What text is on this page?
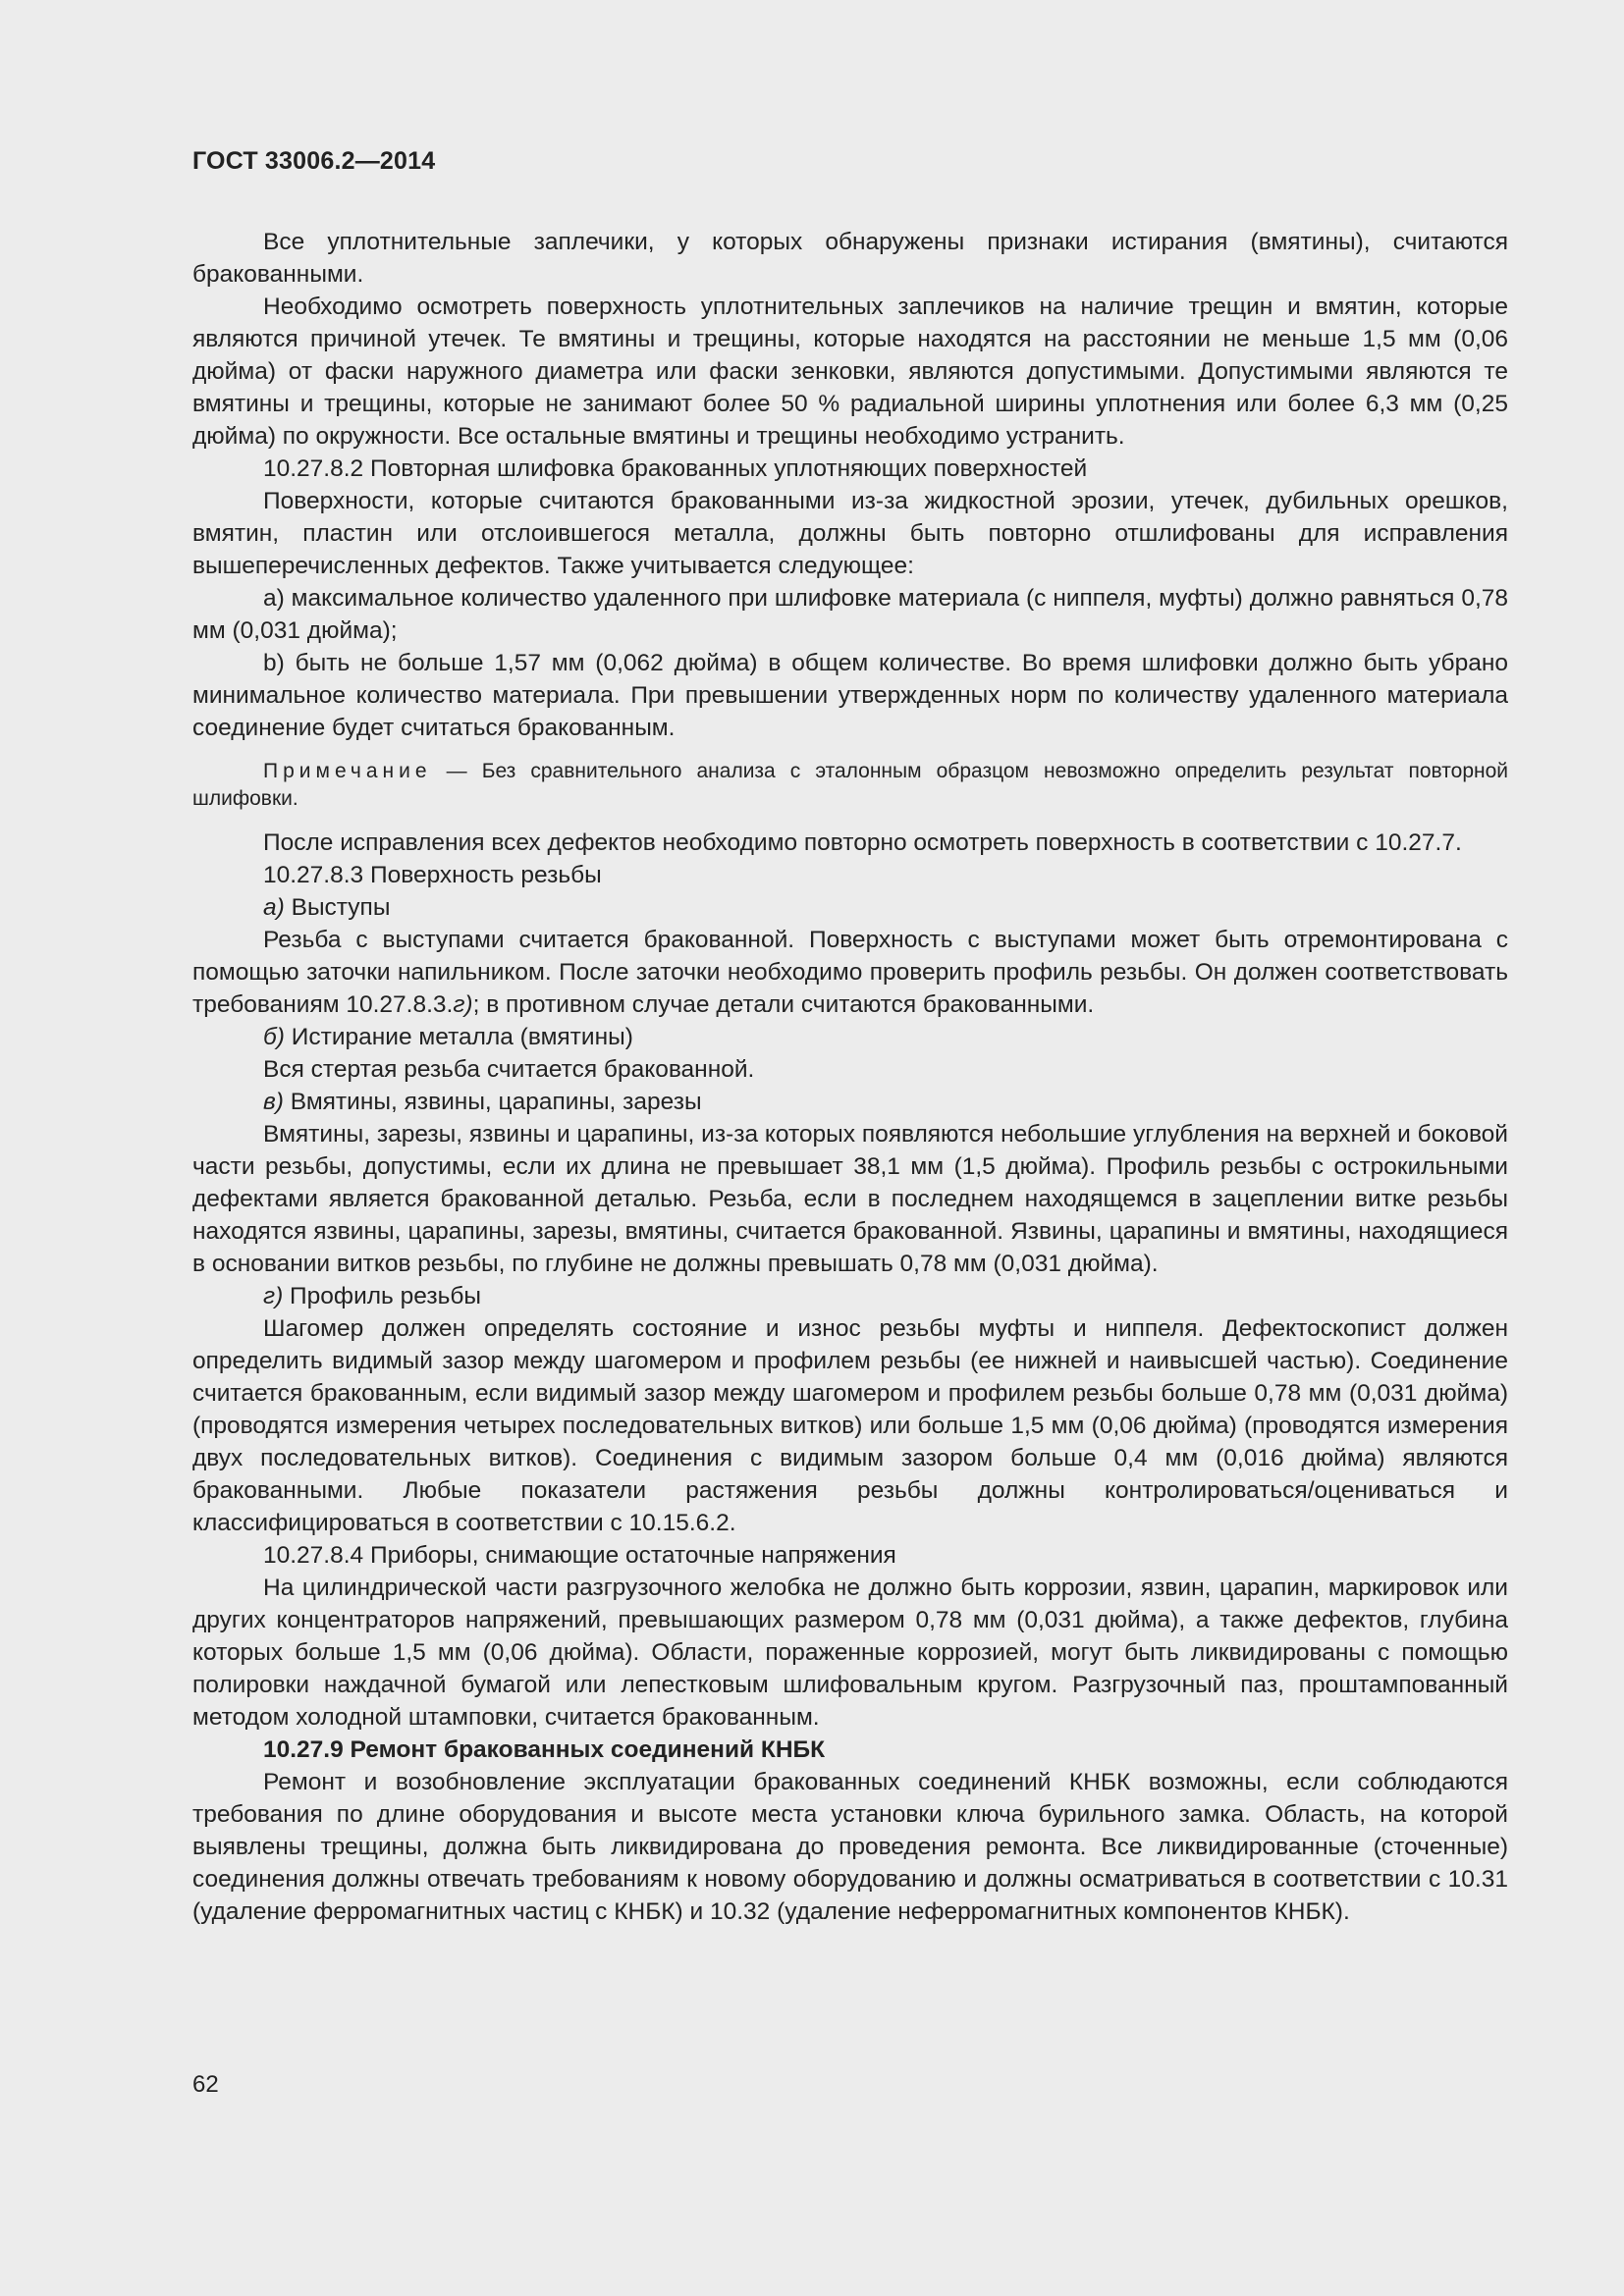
ГОСТ 33006.2—2014

Все уплотнительные заплечики, у которых обнаружены признаки истирания (вмятины), считаются бракованными.

Необходимо осмотреть поверхность уплотнительных заплечиков на наличие трещин и вмятин, которые являются причиной утечек. Те вмятины и трещины, которые находятся на расстоянии не меньше 1,5 мм (0,06 дюйма) от фаски наружного диаметра или фаски зенковки, являются допустимыми. Допустимыми являются те вмятины и трещины, которые не занимают более 50 % радиальной ширины уплотнения или более 6,3 мм (0,25 дюйма) по окружности. Все остальные вмятины и трещины необходимо устранить.

10.27.8.2 Повторная шлифовка бракованных уплотняющих поверхностей

Поверхности, которые считаются бракованными из-за жидкостной эрозии, утечек, дубильных орешков, вмятин, пластин или отслоившегося металла, должны быть повторно отшлифованы для исправления вышеперечисленных дефектов. Также учитывается следующее:

a) максимальное количество удаленного при шлифовке материала (с ниппеля, муфты) должно равняться 0,78 мм (0,031 дюйма);

b) быть не больше 1,57 мм (0,062 дюйма) в общем количестве. Во время шлифовки должно быть убрано минимальное количество материала. При превышении утвержденных норм по количеству удаленного материала соединение будет считаться бракованным.

Примечание — Без сравнительного анализа с эталонным образцом невозможно определить результат повторной шлифовки.

После исправления всех дефектов необходимо повторно осмотреть поверхность в соответствии с 10.27.7.

10.27.8.3 Поверхность резьбы

а) Выступы

Резьба с выступами считается бракованной. Поверхность с выступами может быть отремонтирована с помощью заточки напильником. После заточки необходимо проверить профиль резьбы. Он должен соответствовать требованиям 10.27.8.3.г); в противном случае детали считаются бракованными.

б) Истирание металла (вмятины)

Вся стертая резьба считается бракованной.

в) Вмятины, язвины, царапины, зарезы

Вмятины, зарезы, язвины и царапины, из-за которых появляются небольшие углубления на верхней и боковой части резьбы, допустимы, если их длина не превышает 38,1 мм (1,5 дюйма). Профиль резьбы с острокильными дефектами является бракованной деталью. Резьба, если в последнем находящемся в зацеплении витке резьбы находятся язвины, царапины, зарезы, вмятины, считается бракованной. Язвины, царапины и вмятины, находящиеся в основании витков резьбы, по глубине не должны превышать 0,78 мм (0,031 дюйма).

г) Профиль резьбы

Шагомер должен определять состояние и износ резьбы муфты и ниппеля. Дефектоскопист должен определить видимый зазор между шагомером и профилем резьбы (ее нижней и наивысшей частью). Соединение считается бракованным, если видимый зазор между шагомером и профилем резьбы больше 0,78 мм (0,031 дюйма) (проводятся измерения четырех последовательных витков) или больше 1,5 мм (0,06 дюйма) (проводятся измерения двух последовательных витков). Соединения с видимым зазором больше 0,4 мм (0,016 дюйма) являются бракованными. Любые показатели растяжения резьбы должны контролироваться/оцениваться и классифицироваться в соответствии с 10.15.6.2.

10.27.8.4 Приборы, снимающие остаточные напряжения

На цилиндрической части разгрузочного желобка не должно быть коррозии, язвин, царапин, маркировок или других концентраторов напряжений, превышающих размером 0,78 мм (0,031 дюйма), а также дефектов, глубина которых больше 1,5 мм (0,06 дюйма). Области, пораженные коррозией, могут быть ликвидированы с помощью полировки наждачной бумагой или лепестковым шлифовальным кругом. Разгрузочный паз, проштампованный методом холодной штамповки, считается бракованным.

10.27.9 Ремонт бракованных соединений КНБК

Ремонт и возобновление эксплуатации бракованных соединений КНБК возможны, если соблюдаются требования по длине оборудования и высоте места установки ключа бурильного замка. Область, на которой выявлены трещины, должна быть ликвидирована до проведения ремонта. Все ликвидированные (сточенные) соединения должны отвечать требованиям к новому оборудованию и должны осматриваться в соответствии с 10.31 (удаление ферромагнитных частиц с КНБК) и 10.32 (удаление неферромагнитных компонентов КНБК).

62
